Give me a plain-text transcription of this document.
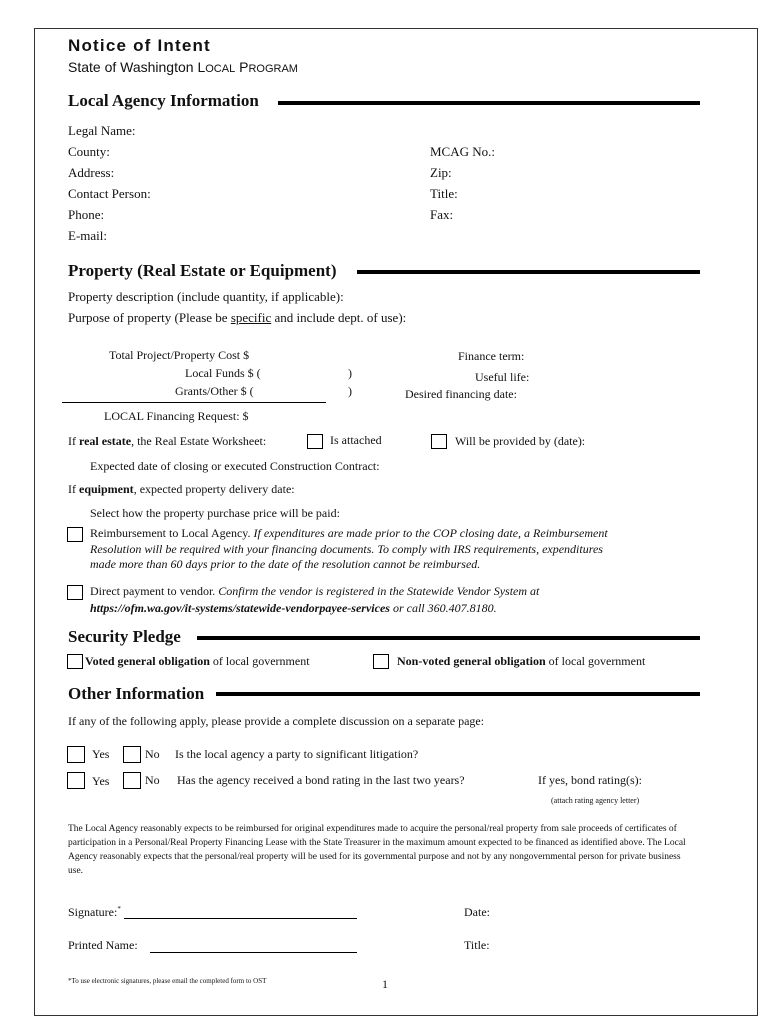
Notice of Intent
State of Washington LOCAL PROGRAM
Local Agency Information
Legal Name:
County:	MCAG No.:
Address:	Zip:
Contact Person:	Title:
Phone:	Fax:
E-mail:
Property (Real Estate or Equipment)
Property description (include quantity, if applicable):
Purpose of property (Please be specific and include dept. of use):
Total Project/Property Cost $
Local Funds $ (	)
Grants/Other $ (	)
Finance term:
Useful life:
Desired financing date:
LOCAL Financing Request: $
If real estate, the Real Estate Worksheet:	Is attached	Will be provided by (date):
Expected date of closing or executed Construction Contract:
If equipment, expected property delivery date:
Select how the property purchase price will be paid:
Reimbursement to Local Agency. If expenditures are made prior to the COP closing date, a Reimbursement
Resolution will be required with your financing documents. To comply with IRS requirements, expenditures
made more than 60 days prior to the date of the resolution cannot be reimbursed.
Direct payment to vendor. Confirm the vendor is registered in the Statewide Vendor System at
https://ofm.wa.gov/it-systems/statewide-vendorpayee-services or call 360.407.8180.
Security Pledge
Voted general obligation of local government	Non-voted general obligation of local government
Other Information
If any of the following apply, please provide a complete discussion on a separate page:
Yes	No Is the local agency a party to significant litigation?
Yes	No Has the agency received a bond rating in the last two years?	If yes, bond rating(s):
(attach rating agency letter)
The Local Agency reasonably expects to be reimbursed for original expenditures made to acquire the personal/real property from sale proceeds of certificates of participation in a Personal/Real Property Financing Lease with the State Treasurer in the maximum amount expected to be financed as identified above. The Local Agency reasonably expects that the personal/real property will be used for its governmental purpose and not by any nongovernmental person for private business use.
Signature:*	Date:
Printed Name:	Title:
*To use electronic signatures, please email the completed form to OST	1
